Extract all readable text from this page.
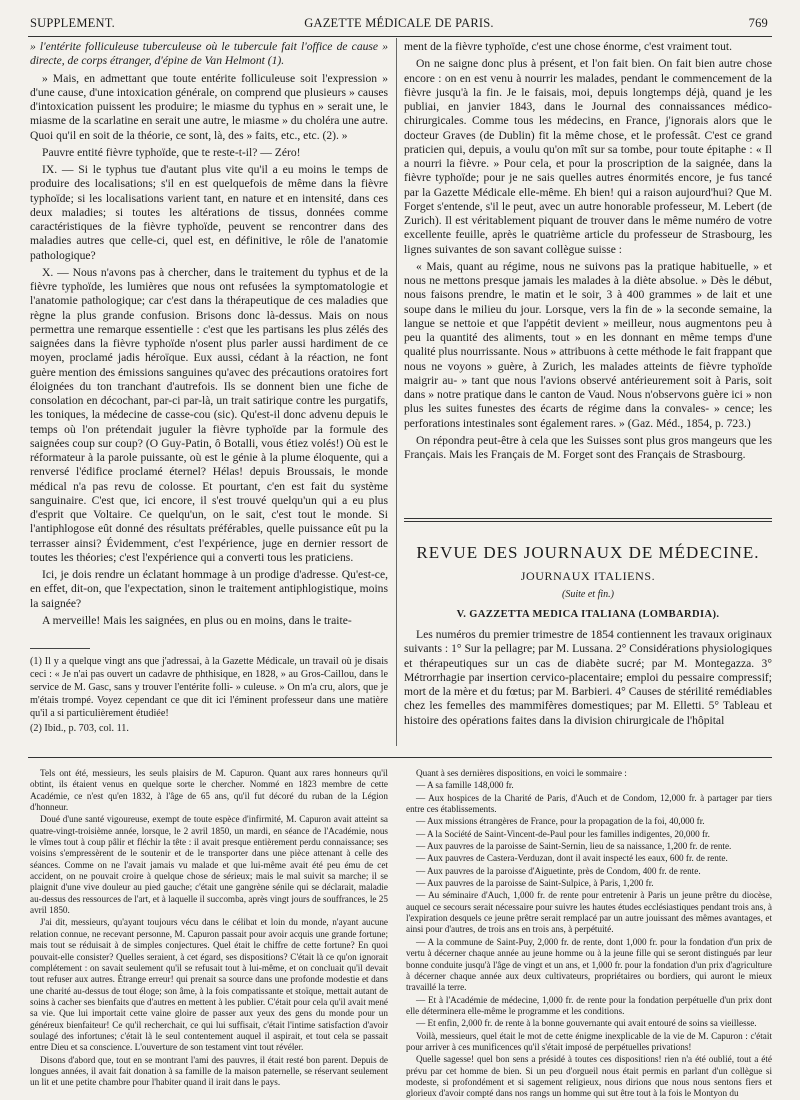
SUPPLEMENT.	GAZETTE MÉDICALE DE PARIS.	769

» l'entérite folliculeuse tuberculeuse où le tubercule fait l'office de cause » directe, de corps étranger, d'épine de Van Helmont (1).

» Mais, en admettant que toute entérite folliculeuse soit l'expression » d'une cause, d'une intoxication générale, on comprend que plusieurs » causes d'intoxication puissent les produire; le miasme du typhus en » serait une, le miasme de la scarlatine en serait une autre, le miasme » du choléra une autre. Quoi qu'il en soit de la théorie, ce sont, là, des » faits, etc., etc. (2). »

Pauvre entité fièvre typhoïde, que te reste-t-il? — Zéro!

IX. — Si le typhus tue d'autant plus vite qu'il a eu moins le temps de produire des localisations; s'il en est quelquefois de même dans la fièvre typhoïde; si les localisations varient tant, en nature et en intensité, dans ces deux maladies; si toutes les altérations de tissus, données comme caractéristiques de la fièvre typhoïde, peuvent se rencontrer dans des maladies autres que celle-ci, quel est, en définitive, le rôle de l'anatomie pathologique?

X. — Nous n'avons pas à chercher, dans le traitement du typhus et de la fièvre typhoïde, les lumières que nous ont refusées la symptomatologie et l'anatomie pathologique; car c'est dans la thérapeutique de ces maladies que règne la plus grande confusion. Brisons donc là-dessus. Mais on nous permettra une remarque essentielle : c'est que les partisans les plus zélés des saignées dans la fièvre typhoïde n'osent plus parler aussi hardiment de ce moyen, proclamé jadis héroïque. Eux aussi, cédant à la réaction, ne font guère mention des émissions sanguines qu'avec des précautions oratoires fort éloignées du ton tranchant d'autrefois. Ils se donnent bien une fiche de consolation en décochant, par-ci par-là, un trait satirique contre les purgatifs, les toniques, la médecine de casse-cou (sic). Qu'est-il donc advenu depuis le temps où l'on prétendait juguler la fièvre typhoïde par la formule des saignées coup sur coup? (O Guy-Patin, ô Botalli, vous étiez volés!) Où est le réformateur à la parole puissante, où est le génie à la plume éloquente, qui a renversé l'édifice proclamé éternel? Hélas! depuis Broussais, le monde médical n'a pas revu de colosse. Et pourtant, c'en est fait du système sanguinaire. C'est que, ici encore, il s'est trouvé quelqu'un qui a eu plus d'esprit que Voltaire. Ce quelqu'un, on le sait, c'est tout le monde. Si l'antiphlogose eût donné des résultats préférables, quelle puissance eût pu la terrasser ainsi? Évidemment, c'est l'expérience, juge en dernier ressort de toutes les théories; c'est l'expérience qui a converti tous les praticiens.

Ici, je dois rendre un éclatant hommage à un prodige d'adresse. Qu'est-ce, en effet, dit-on, que l'expectation, sinon le traitement antiphlogistique, moins la saignée?

A merveille! Mais les saignées, en plus ou en moins, dans le traite-

(1) Il y a quelque vingt ans que j'adressai, à la Gazette Médicale, un travail où je disais ceci : « Je n'ai pas ouvert un cadavre de phthisique, en 1828, » au Gros-Caillou, dans le service de M. Gasc, sans y trouver l'entérite folli- » culeuse. » On m'a cru, alors, que je m'étais trompé. Voyez cependant ce que dit ici l'éminent professeur dans une matière qu'il a si particulièrement étudiée!

(2) Ibid., p. 703, col. 11.

ment de la fièvre typhoïde, c'est une chose énorme, c'est vraiment tout.

On ne saigne donc plus à présent, et l'on fait bien. On fait bien autre chose encore : on en est venu à nourrir les malades, pendant le commencement de la fièvre jusqu'à la fin. Je le faisais, moi, depuis longtemps déjà, quand je les publiai, en janvier 1843, dans le Journal des connaissances médico-chirurgicales. Comme tous les médecins, en France, j'ignorais alors que le docteur Graves (de Dublin) fit la même chose, et le professât. C'est ce grand praticien qui, depuis, a voulu qu'on mît sur sa tombe, pour toute épitaphe : « Il a nourri la fièvre. » Pour cela, et pour la proscription de la saignée, dans la fièvre typhoïde; pour je ne sais quelles autres énormités encore, je fus tancé par la Gazette Médicale elle-même. Eh bien! qui a raison aujourd'hui? Que M. Forget s'entende, s'il le peut, avec un autre honorable professeur, M. Lebert (de Zurich). Il est véritablement piquant de trouver dans le même numéro de votre excellente feuille, après le quatrième article du professeur de Strasbourg, les lignes suivantes de son savant collègue suisse :

« Mais, quant au régime, nous ne suivons pas la pratique habituelle, » et nous ne mettons presque jamais les malades à la diète absolue. » Dès le début, nous faisons prendre, le matin et le soir, 3 à 400 grammes » de lait et une soupe dans le milieu du jour. Lorsque, vers la fin de » la seconde semaine, la langue se nettoie et que l'appétit devient » meilleur, nous augmentons peu à peu la quantité des aliments, tout » en les donnant en même temps d'une qualité plus nourrissante. Nous » attribuons à cette méthode le fait frappant que nous ne voyons » guère, à Zurich, les malades atteints de fièvre typhoïde maigrir au- » tant que nous l'avions observé antérieurement soit à Paris, soit dans » notre pratique dans le canton de Vaud. Nous n'observons guère ici » non plus les suites funestes des écarts de régime dans la convales- » cence; les perforations intestinales sont également rares. » (Gaz. Méd., 1854, p. 723.)

On répondra peut-être à cela que les Suisses sont plus gros mangeurs que les Français. Mais les Français de M. Forget sont des Français de Strasbourg.

REVUE DES JOURNAUX DE MÉDECINE.
JOURNAUX ITALIENS.
(Suite et fin.)
V. GAZZETTA MEDICA ITALIANA (LOMBARDIA).

Les numéros du premier trimestre de 1854 contiennent les travaux originaux suivants : 1° Sur la pellagre; par M. Lussana. 2° Considérations physiologiques et thérapeutiques sur un cas de diabète sucré; par M. Montegazza. 3° Métrorrhagie par insertion cervico-placentaire; emploi du pessaire compressif; mort de la mère et du fœtus; par M. Barbieri. 4° Causes de stérilité remédiables chez les femelles des mammifères domestiques; par M. Elletti. 5° Tableau et histoire des opérations faites dans la division chirurgicale de l'hôpital

Tels ont été, messieurs, les seuls plaisirs de M. Capuron. Quant aux rares honneurs qu'il obtint, ils étaient venus en quelque sorte le chercher. Nommé en 1823 membre de cette Académie, ce n'est qu'en 1832, à l'âge de 65 ans, qu'il fut décoré du ruban de la Légion d'honneur.

Doué d'une santé vigoureuse, exempt de toute espèce d'infirmité, M. Capuron avait atteint sa quatre-vingt-troisième année, lorsque, le 2 avril 1850, un mardi, en séance de l'Académie, nous le vîmes tout à coup pâlir et fléchir la tête : il avait presque entièrement perdu connaissance; ses voisins s'empressèrent de le soutenir et de le transporter dans une pièce attenant à celle des séances. Comme on ne l'avait jamais vu malade et que lui-même avait été peu ému de cet accident, on ne pouvait croire à quelque chose de sérieux; mais le mal suivit sa marche; il se plaignit d'une vive douleur au pied gauche; c'était une gangrène sénile qui se déclarait, maladie au-dessus des ressources de l'art, et à laquelle il succomba, après vingt jours de souffrances, le 25 avril 1850.

J'ai dit, messieurs, qu'ayant toujours vécu dans le célibat et loin du monde, n'ayant aucune relation connue, ne recevant personne, M. Capuron passait pour avoir acquis une grande fortune; mais tout se réduisait à de simples conjectures. Quel était le chiffre de cette fortune? En quoi pouvait-elle consister? Quelles seraient, à cet égard, ses dispositions? C'était là ce qu'on ignorait complétement : on savait seulement qu'il se refusait tout à lui-même, et on concluait qu'il devait tout refuser aux autres. Étrange erreur! qui prenait sa source dans une profonde modestie et dans une charité au-dessus de tout éloge; son âme, à la fois compatissante et stoïque, mettait autant de soins à cacher ses bienfaits que d'autres en mettent à les publier. C'était pour cela qu'il avait mené sa vie. Que lui importait cette vaine gloire de passer aux yeux des gens du monde pour un généreux bienfaiteur! Ce qu'il recherchait, ce qui lui suffisait, c'était l'intime satisfaction d'avoir soulagé des infortunes; c'était là le seul contentement auquel il aspirait, et tout cela se passait entre Dieu et sa conscience. L'ouverture de son testament vint tout révéler.

Disons d'abord que, tout en se montrant l'ami des pauvres, il était resté bon parent. Depuis de longues années, il avait fait donation à sa famille de la maison paternelle, se réservant seulement un lit et une petite chambre pour l'habiter quand il irait dans le pays.

Quant à ses dernières dispositions, en voici le sommaire :

— A sa famille 148,000 fr.

— Aux hospices de la Charité de Paris, d'Auch et de Condom, 12,000 fr. à partager par tiers entre ces établissements.

— Aux missions étrangères de France, pour la propagation de la foi, 40,000 fr.

— A la Société de Saint-Vincent-de-Paul pour les familles indigentes, 20,000 fr.

— Aux pauvres de la paroisse de Saint-Sernin, lieu de sa naissance, 1,200 fr. de rente.

— Aux pauvres de Castera-Verduzan, dont il avait inspecté les eaux, 600 fr. de rente.

— Aux pauvres de la paroisse d'Aiguetinte, près de Condom, 400 fr. de rente.

— Aux pauvres de la paroisse de Saint-Sulpice, à Paris, 1,200 fr.

— Au séminaire d'Auch, 1,000 fr. de rente pour entretenir à Paris un jeune prêtre du diocèse, auquel ce secours serait nécessaire pour suivre les hautes études ecclésiastiques pendant trois ans, à l'expiration desquels ce jeune prêtre serait remplacé par un autre jouissant des mêmes avantages, et ainsi pour d'autres, de trois ans en trois ans, à perpétuité.

— A la commune de Saint-Puy, 2,000 fr. de rente, dont 1,000 fr. pour la fondation d'un prix de vertu à décerner chaque année au jeune homme ou à la jeune fille qui se seront distingués par leur bonne conduite jusqu'à l'âge de vingt et un ans, et 1,000 fr. pour la fondation d'un prix d'agriculture à décerner chaque année aux deux cultivateurs, propriétaires ou bordiers, qui auront le mieux travaillé la terre.

— Et à l'Académie de médecine, 1,000 fr. de rente pour la fondation perpétuelle d'un prix dont elle déterminera elle-même le programme et les conditions.

— Et enfin, 2,000 fr. de rente à la bonne gouvernante qui avait entouré de soins sa vieillesse.

Voilà, messieurs, quel était le mot de cette énigme inexplicable de la vie de M. Capuron : c'était pour arriver à ces munificences qu'il s'était imposé de perpétuelles privations!

Quelle sagesse! quel bon sens a présidé à toutes ces dispositions! rien n'a été oublié, tout a été prévu par cet homme de bien. Si un peu d'orgueil nous était permis en parlant d'un collègue si modeste, si profondément et si sagement religieux, nous dirions que nous nous sentons fiers et glorieux d'avoir compté dans nos rangs un homme qui sut être tout à la fois le Montyon du
